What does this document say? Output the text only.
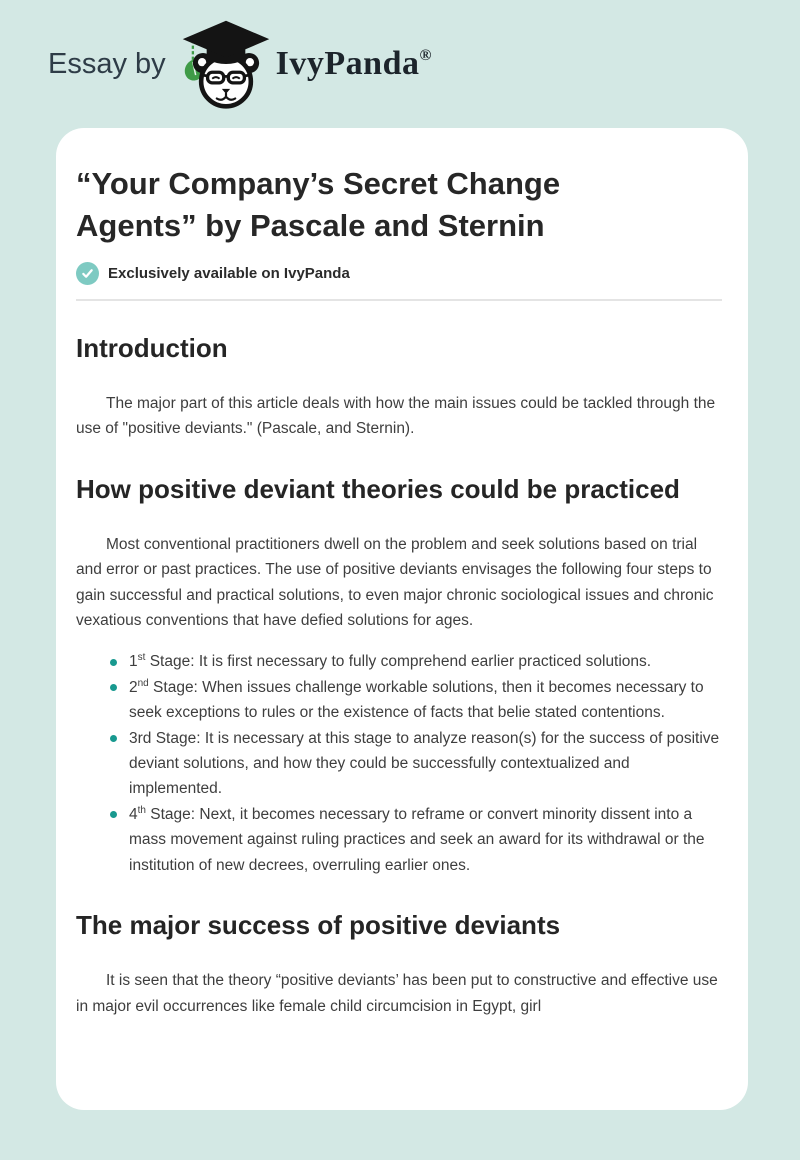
Essay by	IvyPanda®
“Your Company’s Secret Change Agents” by Pascale and Sternin
Exclusively available on IvyPanda
Introduction

The major part of this article deals with how the main issues could be tackled through the use of "positive deviants." (Pascale, and Sternin).

How positive deviant theories could be practiced

Most conventional practitioners dwell on the problem and seek solutions based on trial and error or past practices. The use of positive deviants envisages the following four steps to gain successful and practical solutions, to even major chronic sociological issues and chronic vexatious conventions that have defied solutions for ages.

1st Stage: It is first necessary to fully comprehend earlier practiced solutions.
2nd Stage: When issues challenge workable solutions, then it becomes necessary to seek exceptions to rules or the existence of facts that belie stated contentions.
3rd Stage: It is necessary at this stage to analyze reason(s) for the success of positive deviant solutions, and how they could be successfully contextualized and implemented.
4th Stage: Next, it becomes necessary to reframe or convert minority dissent into a mass movement against ruling practices and seek an award for its withdrawal or the institution of new decrees, overruling earlier ones.
The major success of positive deviants

It is seen that the theory “positive deviants’ has been put to constructive and effective use in major evil occurrences like female child circumcision in Egypt, girl
